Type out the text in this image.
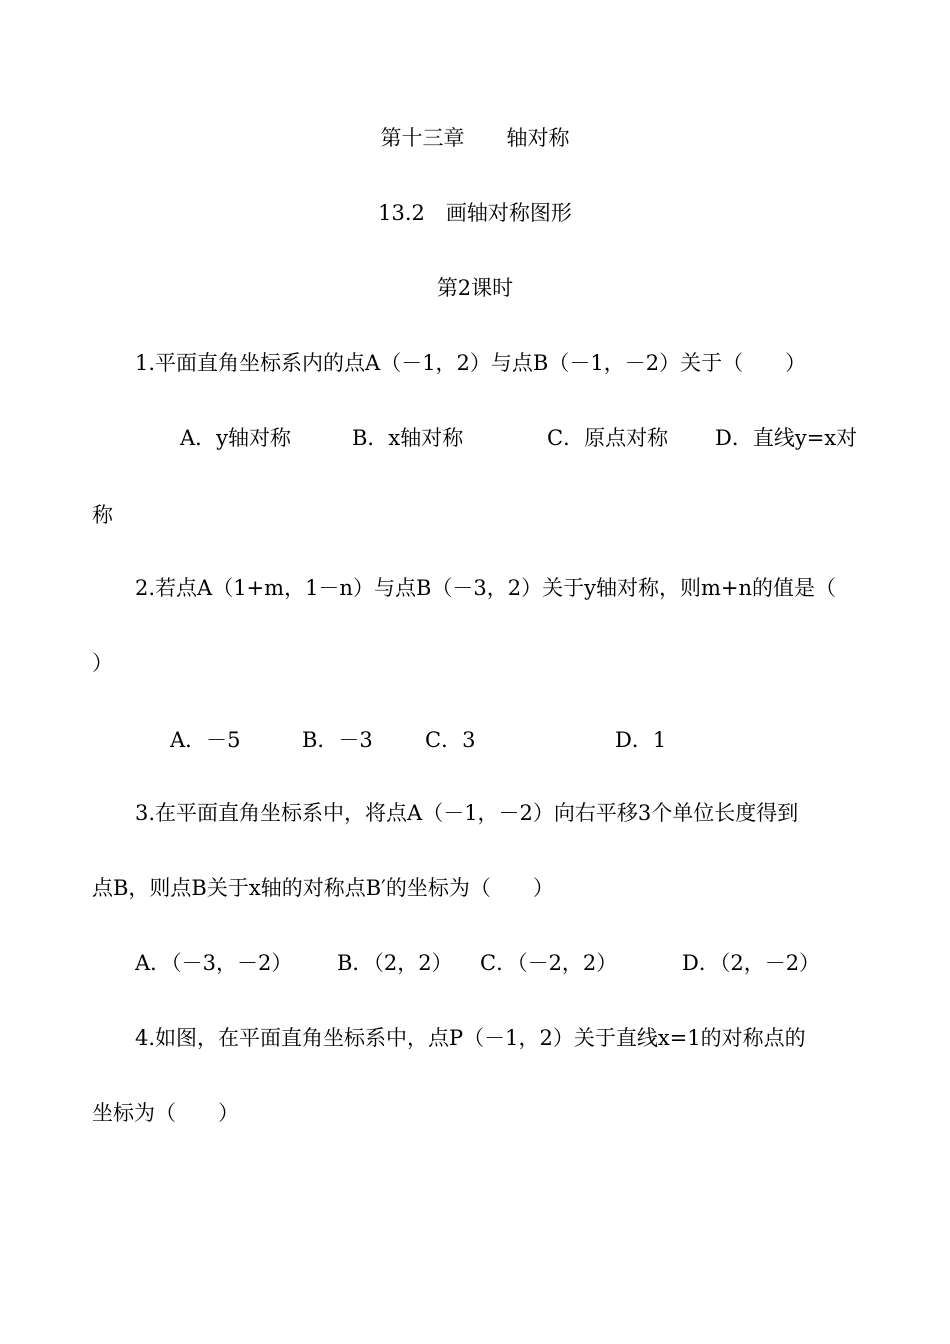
第十三章　　轴对称
13.2　画轴对称图形
第2课时
1.平面直角坐标系内的点A（－1，2）与点B（－1，－2）关于（　　）
A．y轴对称	B．x轴对称	C．原点对称 D．直线y=x对
称
2.若点A（1+m，1－n）与点B（－3，2）关于y轴对称，则m+n的值是（
）
A．－5	B．－3 C．3	D．1
3.在平面直角坐标系中，将点A（－1，－2）向右平移3个单位长度得到
点B，则点B关于x轴的对称点B′的坐标为（　　）
A．（－3，－2） B．（2，2） C．（－2，2）	D．（2，－2）
4.如图，在平面直角坐标系中，点P（－1，2）关于直线x=1的对称点的
坐标为（　　）
